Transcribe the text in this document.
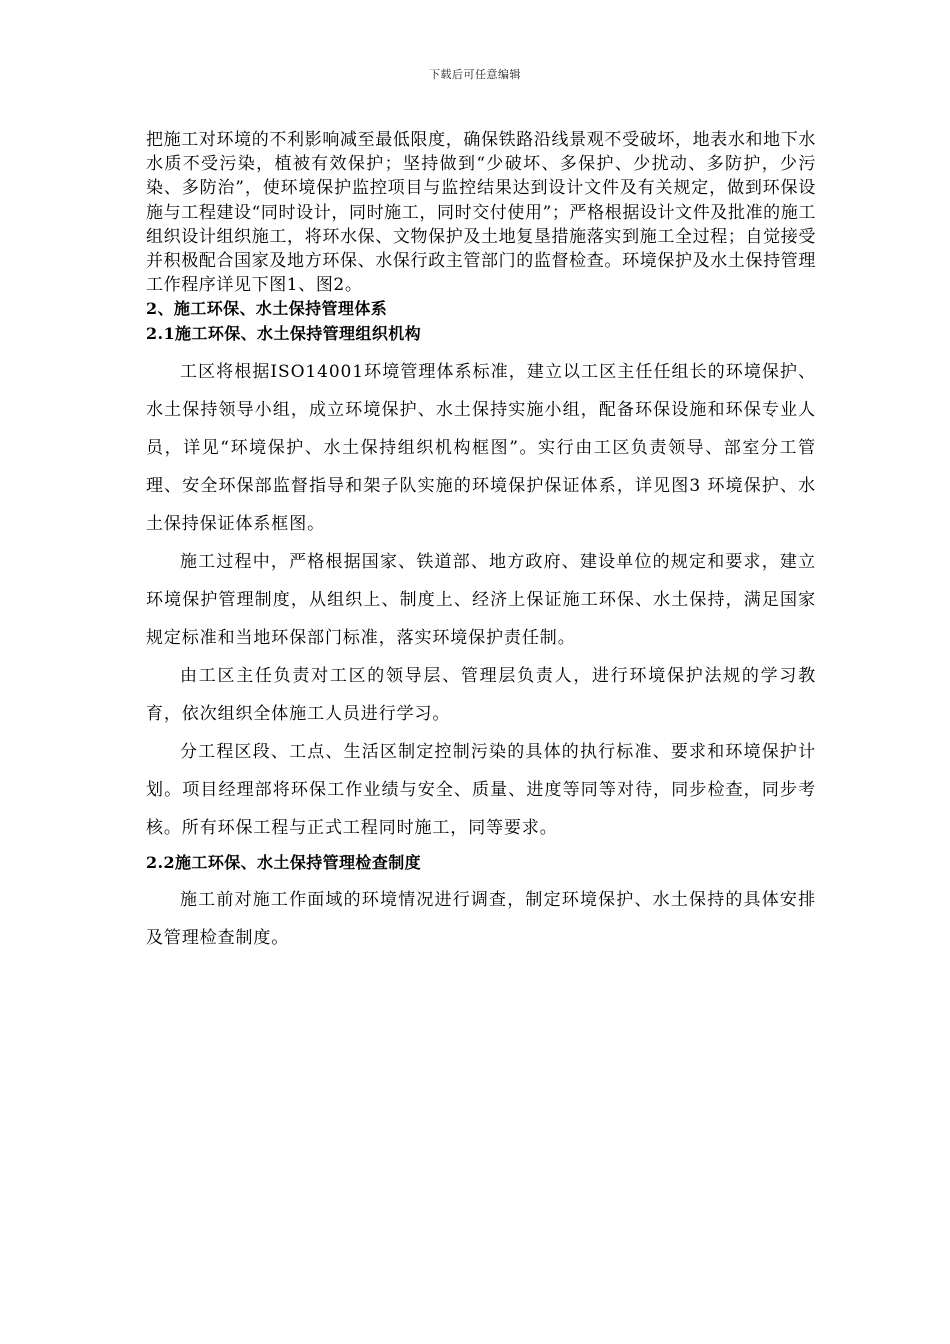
下载后可任意编辑

把施工对环境的不利影响减至最低限度，确保铁路沿线景观不受破坏，地表水和地下水水质不受污染，植被有效保护；坚持做到“少破坏、多保护、少扰动、多防护，少污染、多防治”，使环境保护监控项目与监控结果达到设计文件及有关规定，做到环保设施与工程建设“同时设计，同时施工，同时交付使用”；严格根据设计文件及批准的施工组织设计组织施工，将环水保、文物保护及土地复垦措施落实到施工全过程；自觉接受并积极配合国家及地方环保、水保行政主管部门的监督检查。环境保护及水土保持管理工作程序详见下图1、图2。

2、施工环保、水土保持管理体系

2.1施工环保、水土保持管理组织机构

工区将根据ISO14001环境管理体系标准，建立以工区主任任组长的环境保护、水土保持领导小组，成立环境保护、水土保持实施小组，配备环保设施和环保专业人员，详见“环境保护、水土保持组织机构框图”。实行由工区负责领导、部室分工管理、安全环保部监督指导和架子队实施的环境保护保证体系，详见图3 环境保护、水土保持保证体系框图。

施工过程中，严格根据国家、铁道部、地方政府、建设单位的规定和要求，建立环境保护管理制度，从组织上、制度上、经济上保证施工环保、水土保持，满足国家规定标准和当地环保部门标准，落实环境保护责任制。

由工区主任负责对工区的领导层、管理层负责人，进行环境保护法规的学习教育，依次组织全体施工人员进行学习。

分工程区段、工点、生活区制定控制污染的具体的执行标准、要求和环境保护计划。项目经理部将环保工作业绩与安全、质量、进度等同等对待，同步检查，同步考核。所有环保工程与正式工程同时施工，同等要求。

2.2施工环保、水土保持管理检查制度

施工前对施工作面域的环境情况进行调查，制定环境保护、水土保持的具体安排及管理检查制度。
